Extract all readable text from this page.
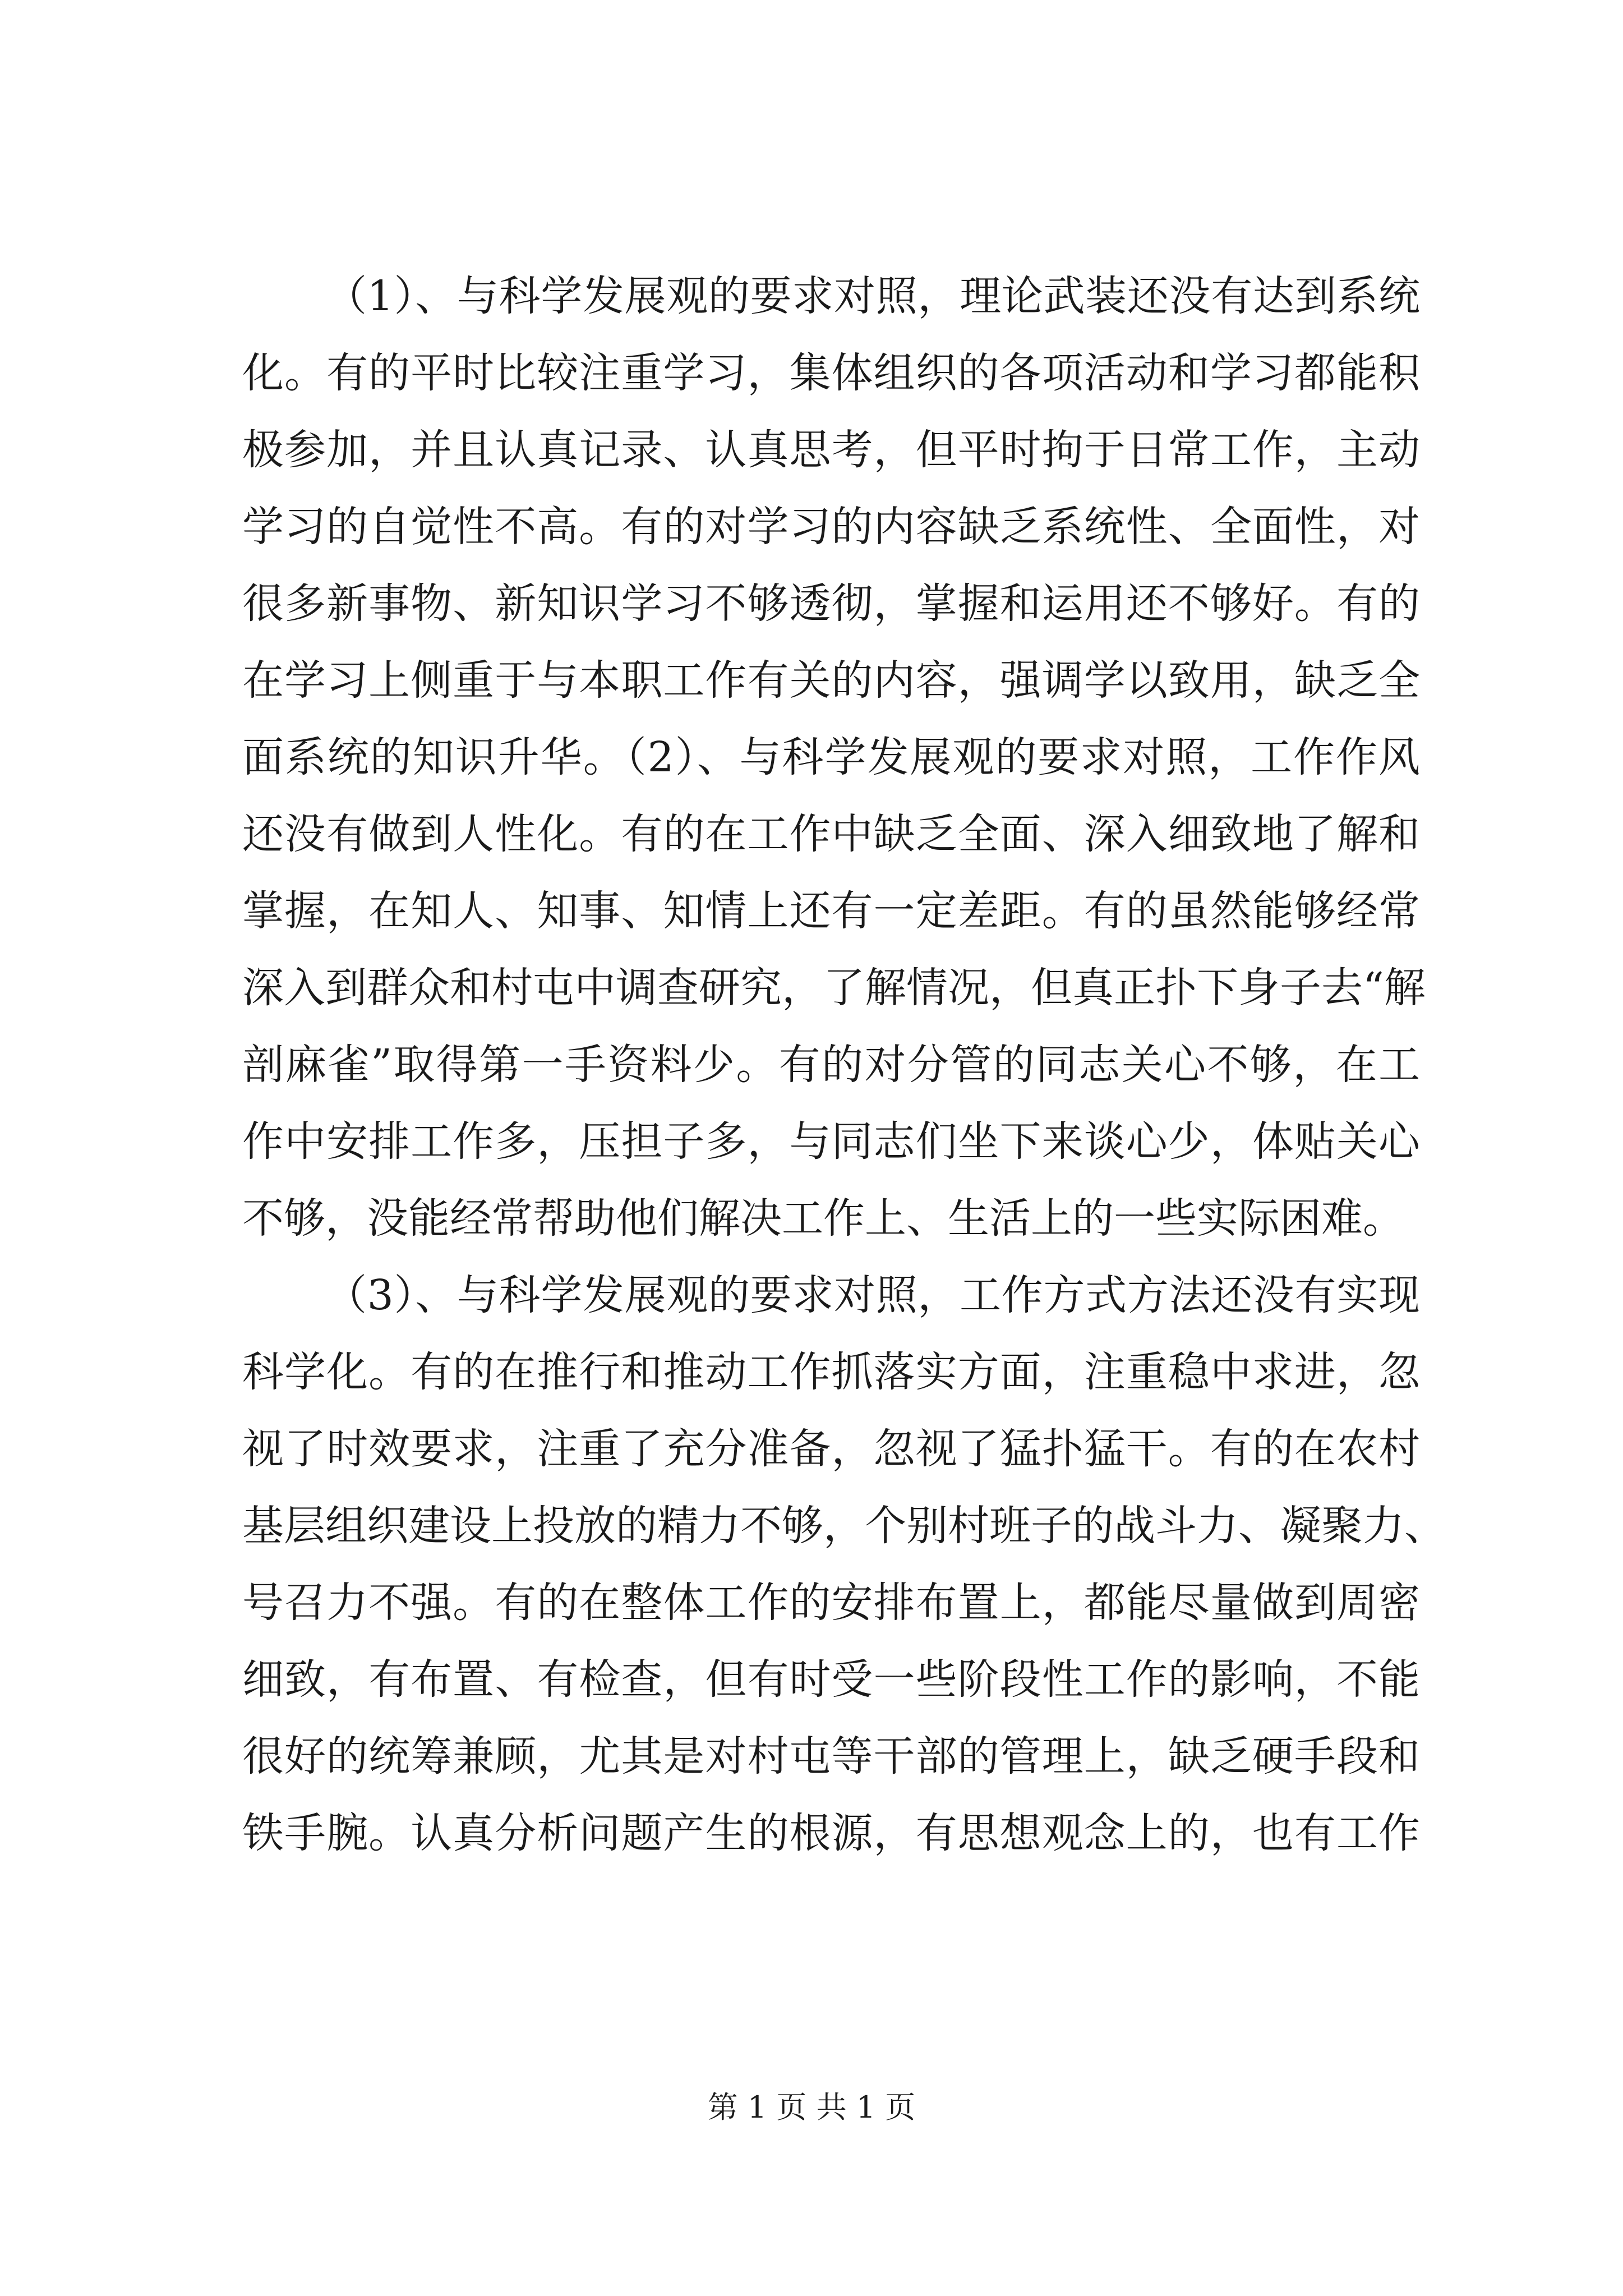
（1）、与科学发展观的要求对照，理论武装还没有达到系统
化。有的平时比较注重学习，集体组织的各项活动和学习都能积
极参加，并且认真记录、认真思考，但平时拘于日常工作，主动
学习的自觉性不高。有的对学习的内容缺乏系统性、全面性，对
很多新事物、新知识学习不够透彻，掌握和运用还不够好。有的
在学习上侧重于与本职工作有关的内容，强调学以致用，缺乏全
面系统的知识升华。（2）、与科学发展观的要求对照，工作作风
还没有做到人性化。有的在工作中缺乏全面、深入细致地了解和
掌握，在知人、知事、知情上还有一定差距。有的虽然能够经常
深入到群众和村屯中调查研究，了解情况，但真正扑下身子去“解
剖麻雀”取得第一手资料少。有的对分管的同志关心不够，在工
作中安排工作多，压担子多，与同志们坐下来谈心少，体贴关心
不够，没能经常帮助他们解决工作上、生活上的一些实际困难。
（3）、与科学发展观的要求对照，工作方式方法还没有实现
科学化。有的在推行和推动工作抓落实方面，注重稳中求进，忽
视了时效要求，注重了充分准备，忽视了猛扑猛干。有的在农村
基层组织建设上投放的精力不够，个别村班子的战斗力、凝聚力、
号召力不强。有的在整体工作的安排布置上，都能尽量做到周密
细致，有布置、有检查，但有时受一些阶段性工作的影响，不能
很好的统筹兼顾，尤其是对村屯等干部的管理上，缺乏硬手段和
铁手腕。认真分析问题产生的根源，有思想观念上的，也有工作
第 1 页 共 1 页
